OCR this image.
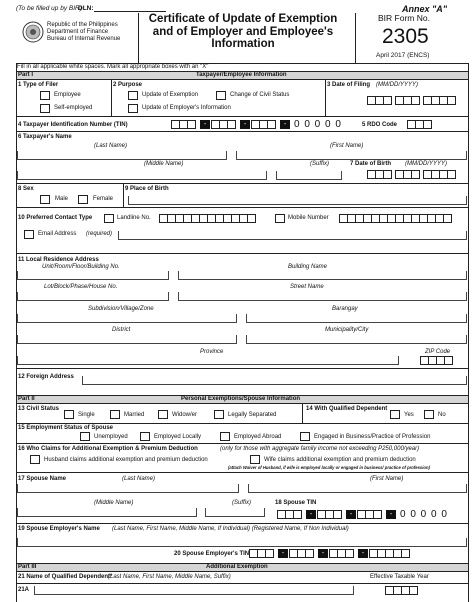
(To be filled up by BIR)
DLN:	Annex "A"
Republic of the Philippines
Department of Finance
Bureau of Internal Revenue
Certificate of Update of Exemption
and of Employer and Employee's
Information
BIR Form No.
2305
April 2017 (ENCS)
Fill in all applicable white spaces. Mark all appropriate boxes with an "X"
Part I	Taxpayer/Employee Information
1 Type of Filer
Employee
Self-employed
2 Purpose
Update of Exemption	Change of Civil Status
Update of Employer's Information
3 Date of Filing (MM/DD/YYYY)
4 Taxpayer Identification Number (TIN)	-	-	- 0 0 0 0 0	5 RDO Code
6 Taxpayer's Name
(Last Name)	(First Name)
(Middle Name)	(Suffix)	7 Date of Birth (MM/DD/YYYY)
8 Sex
Male	Female
9 Place of Birth
10 Preferred Contact Type	Landline No.	Mobile Number
Email Address (required)
11 Local Residence Address
Unit/Room/Floor/Building No.	Building Name
Lot/Block/Phase/House No.	Street Name
Subdivision/Village/Zone	Barangay
District	Municipality/City
Province	ZIP Code
12 Foreign Address
Part II	Personal Exemptions/Spouse Information
13 Civil Status
Single	Married	Widow/er	Legally Separated
14 With Qualified Dependent
Yes	No
15 Employment Status of Spouse
Unemployed	Employed Locally	Employed Abroad	Engaged in Business/Practice of Profession
16 Who Claims for Additional Exemption & Premium Deduction	(only for those with aggregate family income not exceeding P250,000/year)
Husband claims additional exemption and premium deduction	Wife claims additional exemption and premium deduction
(attach Waiver of Husband, if wife is employed locally or engaged in business/ practice of profession)
17 Spouse Name	(Last Name)	(First Name)
(Middle Name)	(Suffix)	18 Spouse TIN
-	-	- 0 0 0 0 0
19 Spouse Employer's Name (Last Name, First Name, Middle Name, If Individual) (Registered Name, If Non Individual)
20 Spouse Employer's TIN	-	-	-
Part III	Additional Exemption
21 Name of Qualified Dependent*
(Last Name, First Name, Middle Name, Suffix)	Effective Taxable Year
21A
